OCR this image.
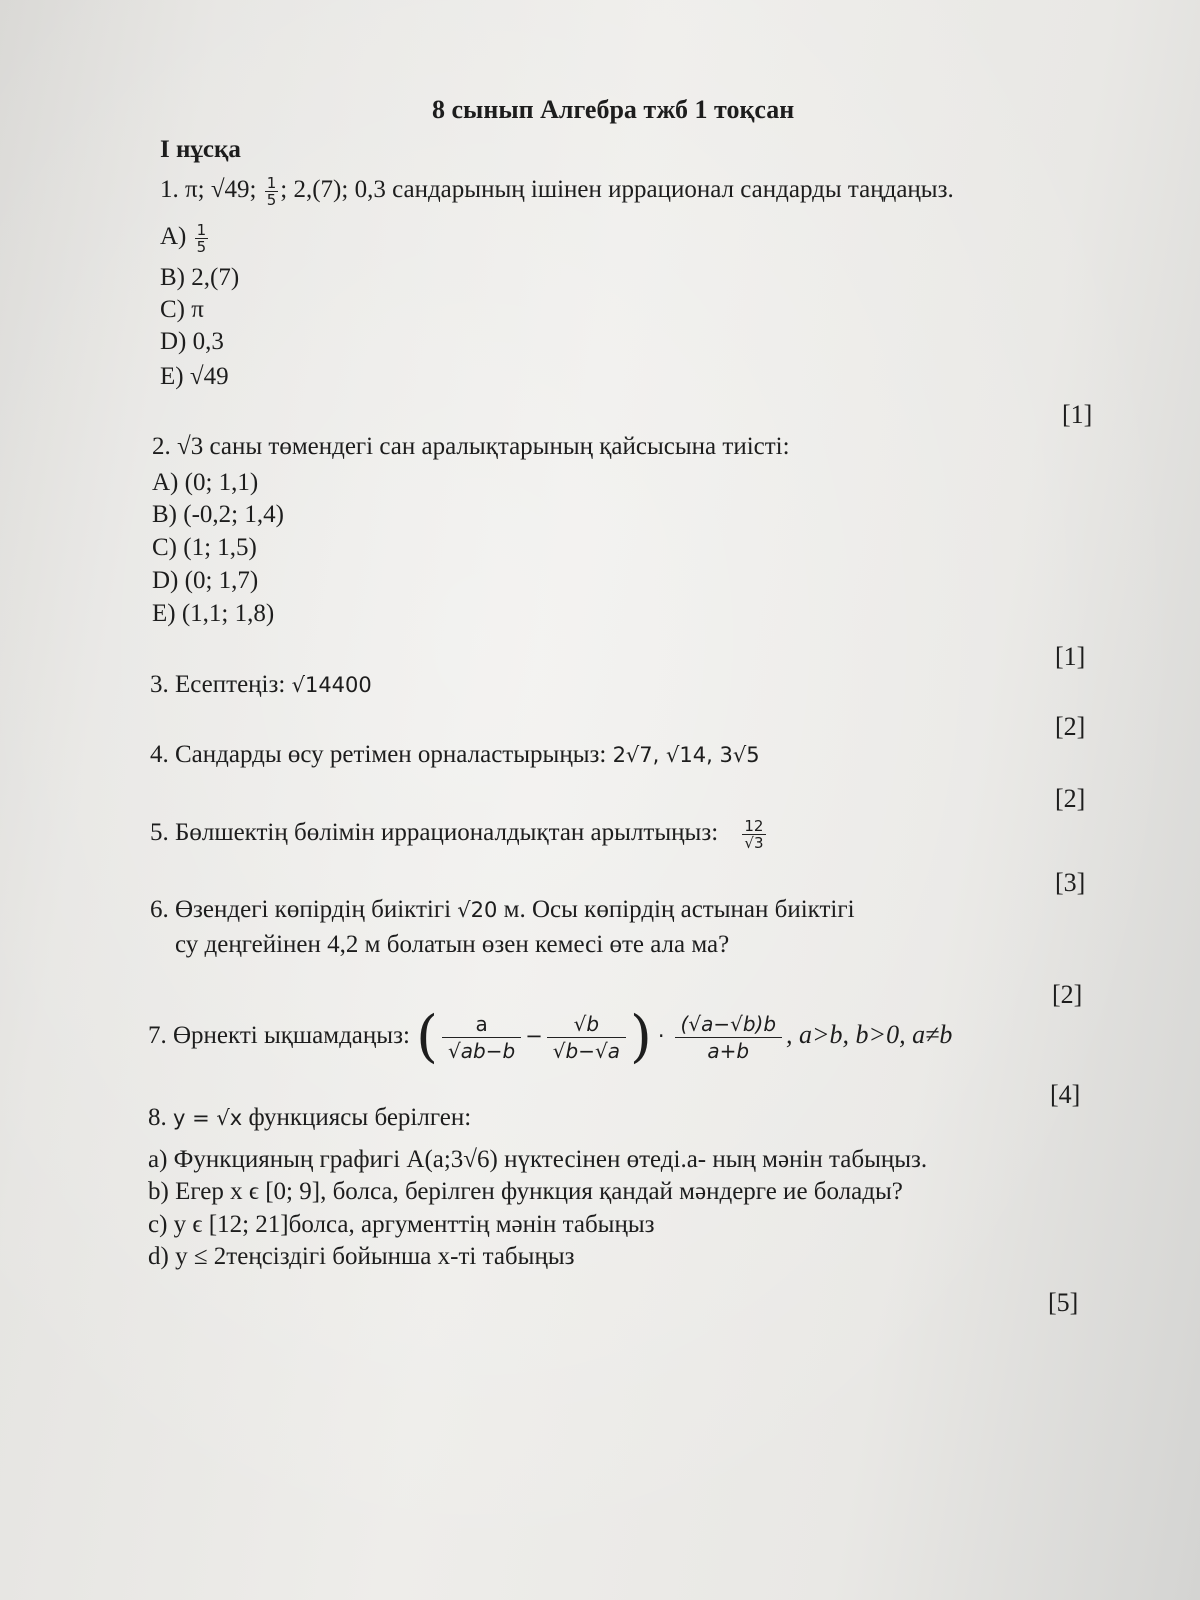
8 сынып Алгебра тжб 1 тоқсан
I нұсқа
1. π; √49; $\frac{1}{5}$ ; 2,(7); 0,3 сандарының ішінен иррационал сандарды таңдаңыз.
$A) \frac{1}{5}$
B) 2,(7)
C) π
D) 0,3
E) √49
[1]
2. √3 саны төмендегі сан аралықтарының қайсысына тиісті:
A) (0; 1,1)
B) (-0,2; 1,4)
C) (1; 1,5)
D) (0; 1,7)
E) (1,1; 1,8)
[1]
3. Есептеңіз: √14400
[2]
4. Сандарды өсу ретімен орналастырыңыз: 2√7, √14, 3√5
[2]
5. Бөлшектің бөлімін иррационалдықтан арылтыңыз: $\frac{12}{√3}$
[3]
6. Өзендегі көпірдің биіктігі √20 м. Осы көпірдің астынан биіктігі
су деңгейінен 4,2 м болатын өзен кемесі өте ала ма?
[2]
7. Өрнекті ықшамдаңыз: ( $\frac{a}{√ab-b} - \frac{√b}{√b-√a}$ ) · $\frac{(√a-√b)b}{a+b}$ , a>b, b>0, a≠b
[4]
8. y = √x функциясы берілген:
a) Функцияның графигі A(a;3√6) нүктесінен өтеді.а- ның мәнін табыңыз.
b) Егер x ϵ [0; 9], болса, берілген функция қандай мәндерге ие болады?
c) y ϵ [12; 21]болса, аргументтің мәнін табыңыз
d) y ≤ 2теңсіздігі бойынша x-ті табыңыз
[5]
